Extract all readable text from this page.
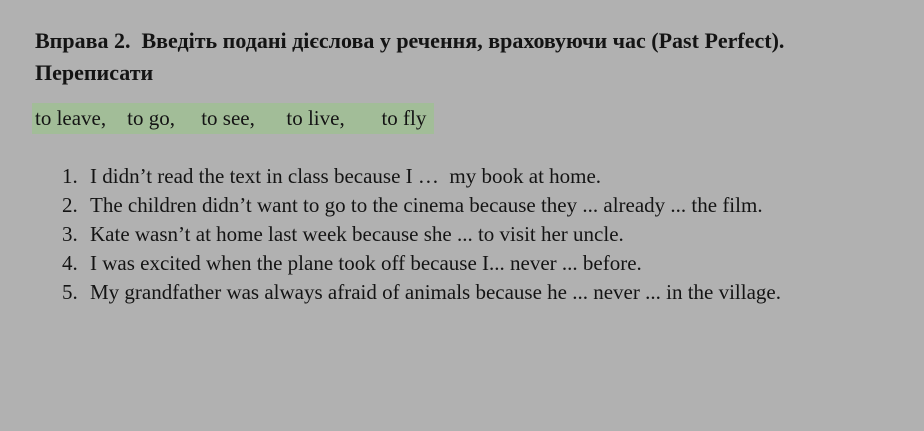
Вправа 2.  Введіть подані дієслова у речення, враховуючи час (Past Perfect).
Переписати
to leave,    to go,     to see,      to live,       to fly
1. I didn’t read the text in class because I …  my book at home.
2. The children didn’t want to go to the cinema because they ... already ... the film.
3. Kate wasn’t at home last week because she ... to visit her uncle.
4. I was excited when the plane took off because I... never ... before.
5. My grandfather was always afraid of animals because he ... never ... in the village.
